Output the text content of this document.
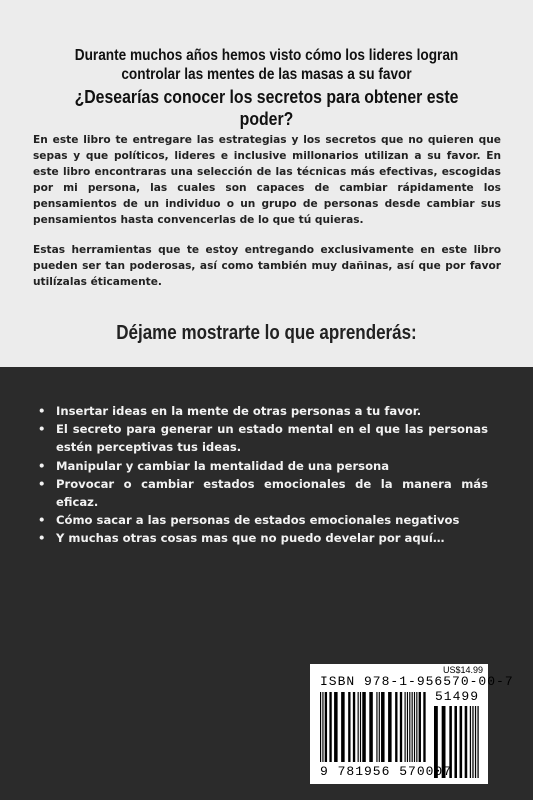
Durante muchos años hemos visto cómo los lideres logran controlar las mentes de las masas a su favor
¿Desearías conocer los secretos para obtener este poder?

En este libro te entregare las estrategias y los secretos que no quieren que sepas y que políticos, lideres e inclusive millonarios utilizan a su favor. En este libro encontraras una selección de las técnicas más efectivas, escogidas por mi persona, las cuales son capaces de cambiar rápidamente los pensamientos de un individuo o un grupo de personas desde cambiar sus pensamientos hasta convencerlas de lo que tú quieras.

Estas herramientas que te estoy entregando exclusivamente en este libro pueden ser tan poderosas, así como también muy dañinas, así que por favor utilízalas éticamente.

Déjame mostrarte lo que aprenderás:
• Insertar ideas en la mente de otras personas a tu favor.
• El secreto para generar un estado mental en el que las personas estén perceptivas tus ideas.
• Manipular y cambiar la mentalidad de una persona
• Provocar o cambiar estados emocionales de la manera más eficaz.
• Cómo sacar a las personas de estados emocionales negativos
• Y muchas otras cosas mas que no puedo develar por aquí…
US$14.99
ISBN 978-1-956570-00-7
51499
9 781956 570007
